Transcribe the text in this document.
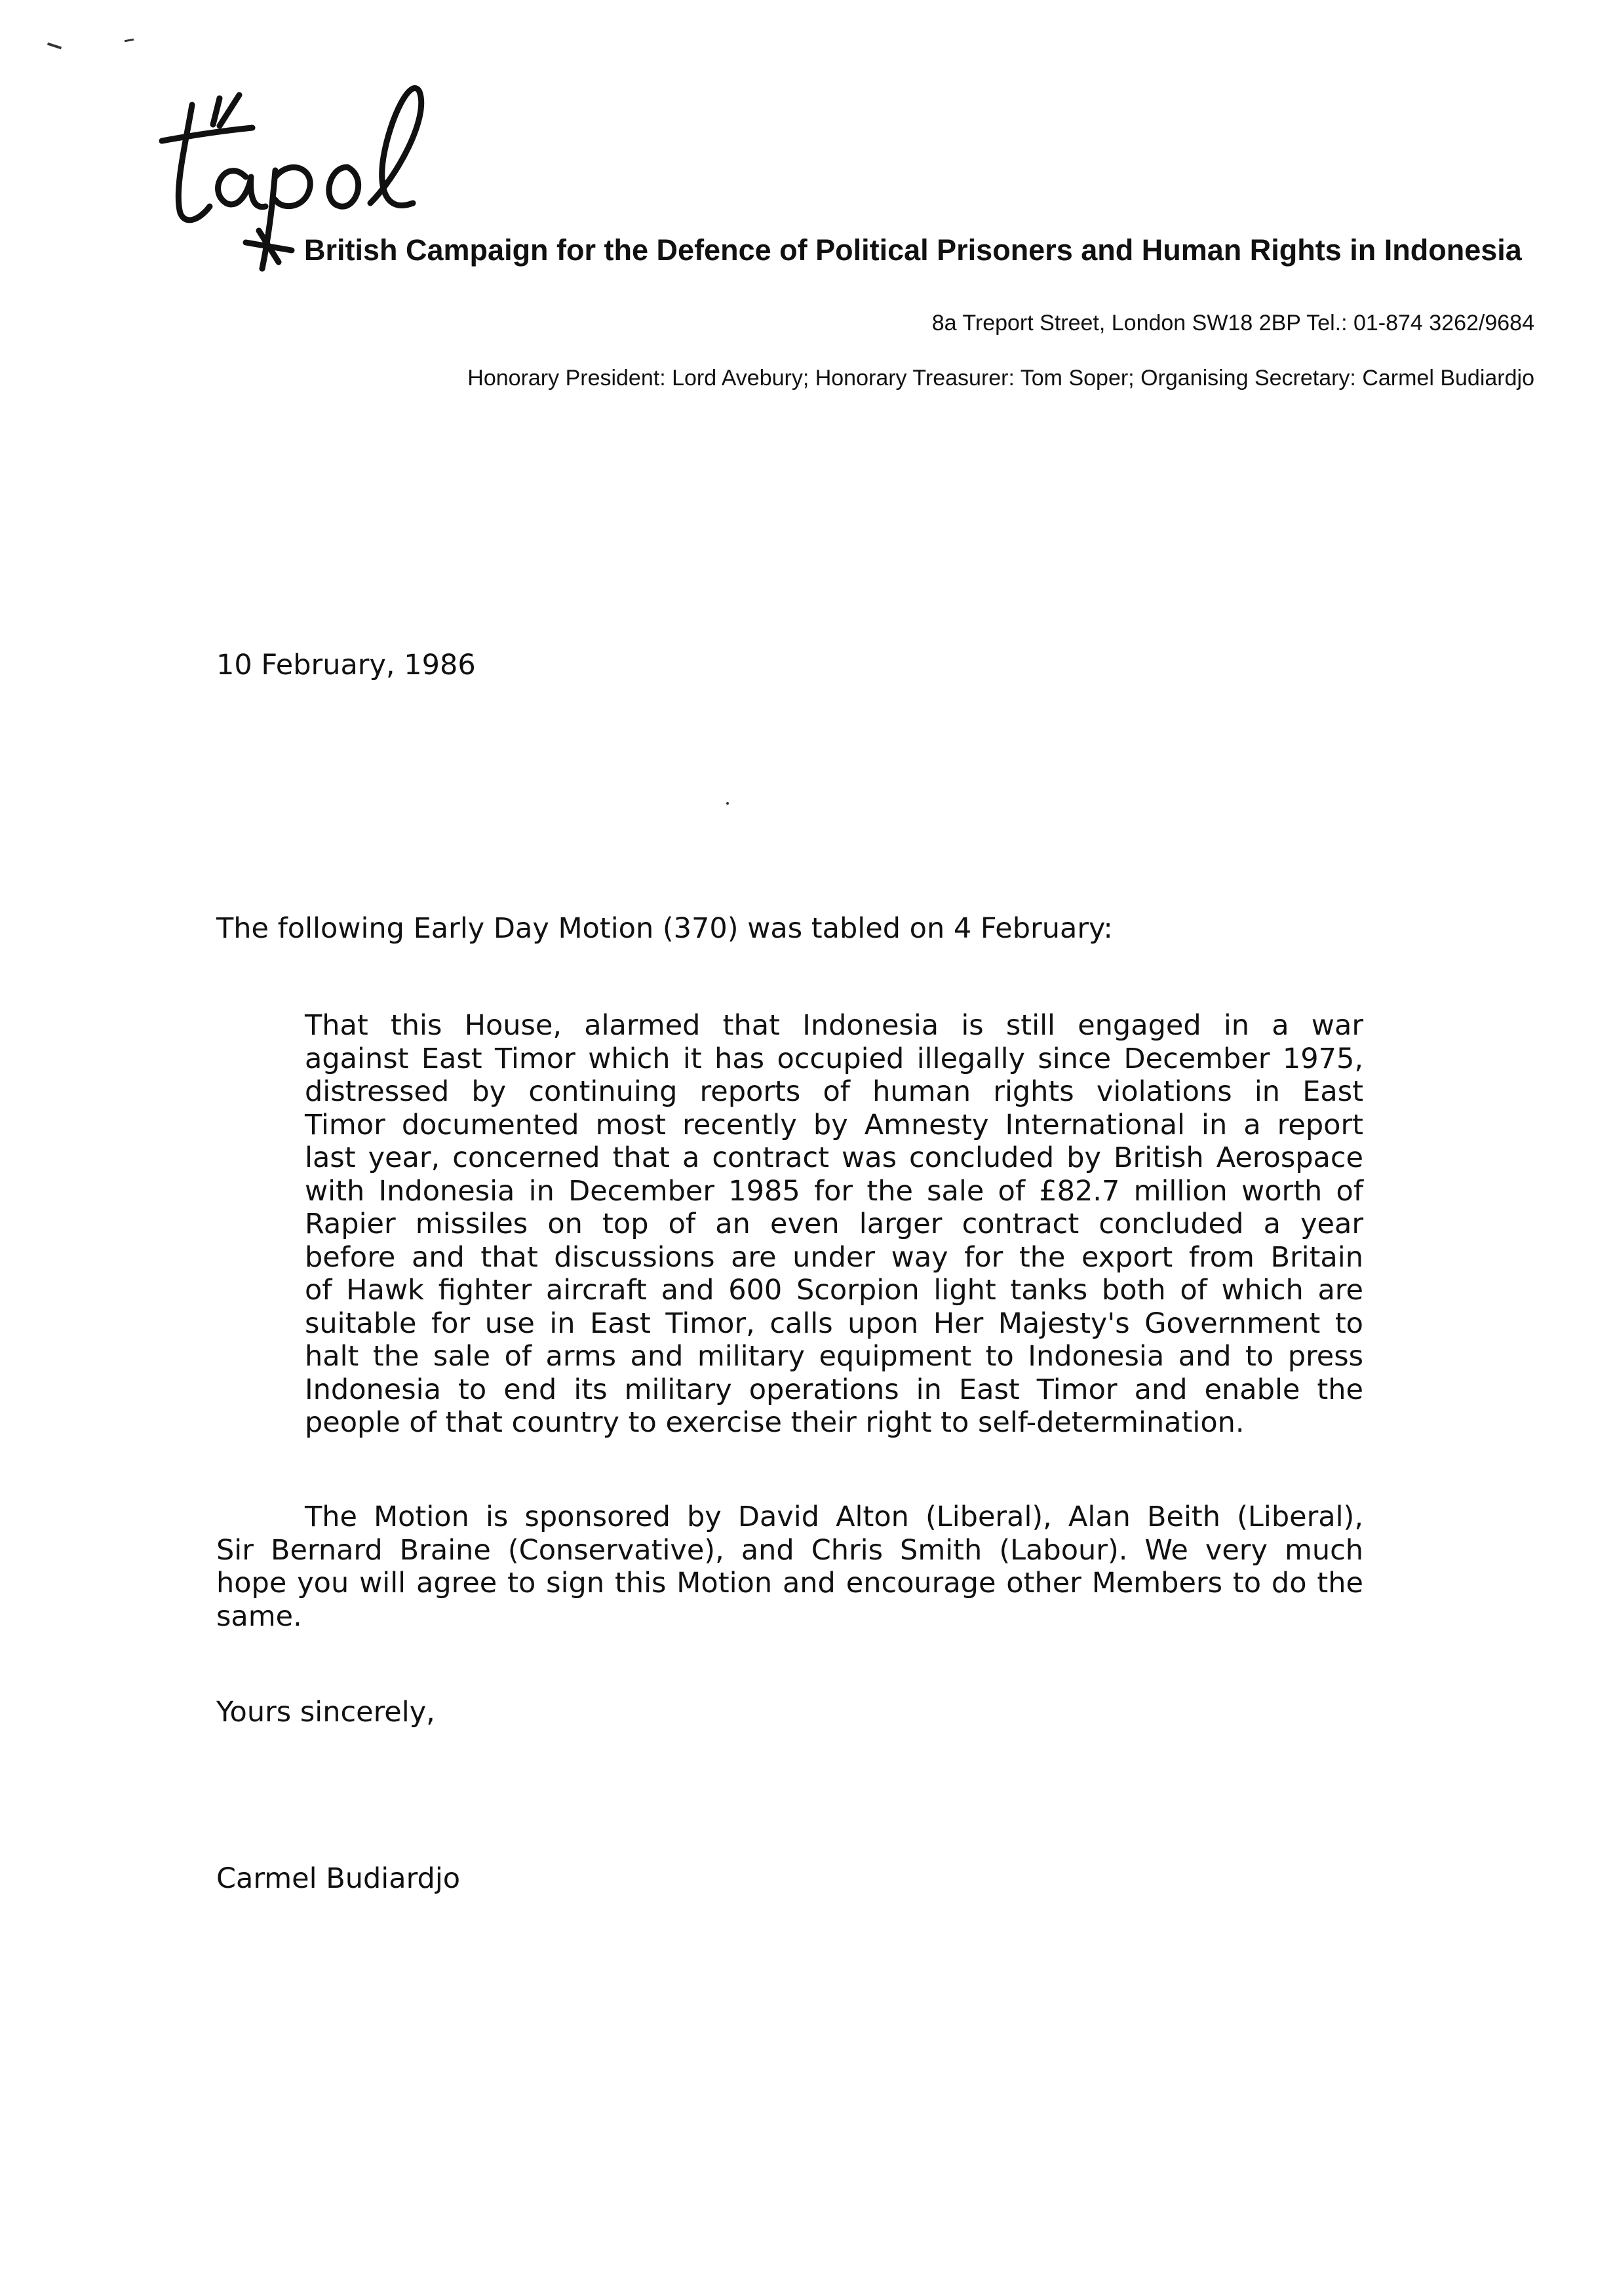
British Campaign for the Defence of Political Prisoners and Human Rights in Indonesia
8a Treport Street, London SW18 2BP Tel.: 01-874 3262/9684
Honorary President: Lord Avebury; Honorary Treasurer: Tom Soper; Organising Secretary: Carmel Budiardjo
10 February, 1986
The following Early Day Motion (370) was tabled on 4 February:
That this House, alarmed that Indonesia is still engaged in a war
against East Timor which it has occupied illegally since December 1975,
distressed by continuing reports of human rights violations in East
Timor documented most recently by Amnesty International in a report
last year, concerned that a contract was concluded by British Aerospace
with Indonesia in December 1985 for the sale of £82.7 million worth of
Rapier missiles on top of an even larger contract concluded a year
before and that discussions are under way for the export from Britain
of Hawk fighter aircraft and 600 Scorpion light tanks both of which are
suitable for use in East Timor, calls upon Her Majesty's Government to
halt the sale of arms and military equipment to Indonesia and to press
Indonesia to end its military operations in East Timor and enable the
people of that country to exercise their right to self-determination.
The Motion is sponsored by David Alton (Liberal), Alan Beith (Liberal),
Sir Bernard Braine (Conservative), and Chris Smith (Labour). We very much
hope you will agree to sign this Motion and encourage other Members to do the
same.
Yours sincerely,
Carmel Budiardjo
